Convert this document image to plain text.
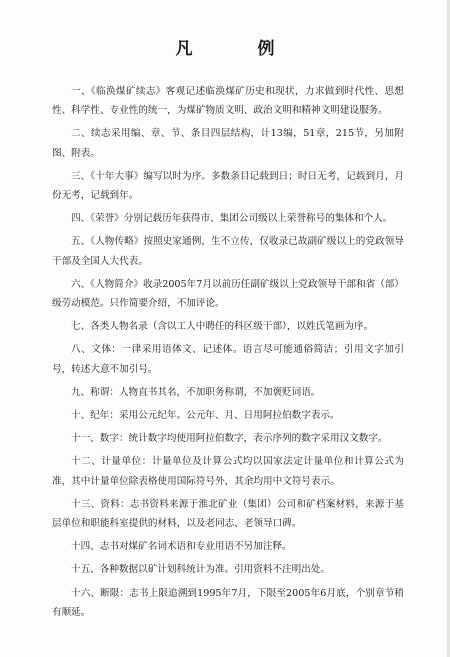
凡　例

一、《临涣煤矿续志》客观记述临涣煤矿历史和现状，力求做到时代性、思想性、科学性、专业性的统一，为煤矿物质文明、政治文明和精神文明建设服务。

二、续志采用编、章、节、条目四层结构，计13编，51章，215节，另加附图、附表。

三、《十年大事》编写以时为序。多数条目记载到日；时日无考，记载到月，月份无考，记载到年。

四、《荣誉》分别记载历年获得市、集团公司级以上荣誉称号的集体和个人。

五、《人物传略》按照史家通例，生不立传，仅收录已故副矿级以上的党政领导干部及全国人大代表。

六、《人物简介》收录2005年7月以前历任副矿级以上党政领导干部和省（部）级劳动模范。只作简要介绍，不加评论。

七、各类人物名录（含以工人中聘任的科区级干部），以姓氏笔画为序。

八、文体：一律采用语体文、记述体。语言尽可能通俗简洁；引用文字加引号，转述大意不加引号。

九、称谓：人物直书其名，不加职务称谓，不加褒贬词语。

十、纪年：采用公元纪年。公元年、月、日用阿拉伯数字表示。

十一、数字：统计数字均使用阿拉伯数字，表示序列的数字采用汉文数字。

十二、计量单位：计量单位及计算公式均以国家法定计量单位和计算公式为准，其中计量单位除表格使用国际符号外，其余均用中文符号表示。

十三、资料：志书资料来源于淮北矿业（集团）公司和矿档案材料，来源于基层单位和职能科室提供的材料，以及老同志、老领导口碑。

十四、志书对煤矿名词术语和专业用语不另加注释。

十五、各种数据以矿计划科统计为准。引用资料不注明出处。

十六、断限：志书上限追溯到1995年7月，下限至2005年6月底，个别章节稍有顺延。
